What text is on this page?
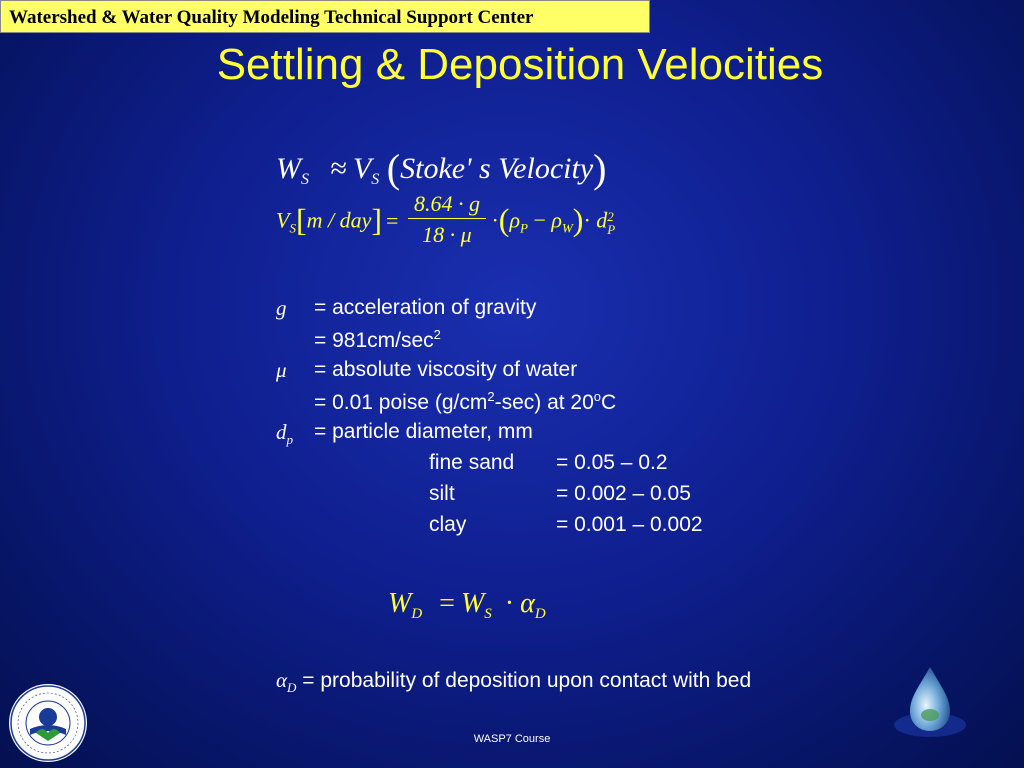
Watershed & Water Quality Modeling Technical Support Center
Settling & Deposition Velocities
$W_S \approx V_S$ (Stoke' s Velocity)
$V_S[m / day] = \frac{8.64 \cdot g}{18 \cdot \mu} \cdot(\rho_P - \rho_W)\cdot d$ 2
P
g = acceleration of gravity
= $981cm/\sec^2$
μ = absolute viscosity of water
= 0.01 poise $(g/cm^2-\sec)$ at 20$^o$C
$d_p$ = particle diameter, mm
fine sand = 0.05 – 0.2
silt	= 0.002 – 0.05
clay	= 0.001 – 0.002
$W_D = W_S \cdot \alpha_D$
$\alpha_D$ = probability of deposition upon contact with bed
WASP7 Course
